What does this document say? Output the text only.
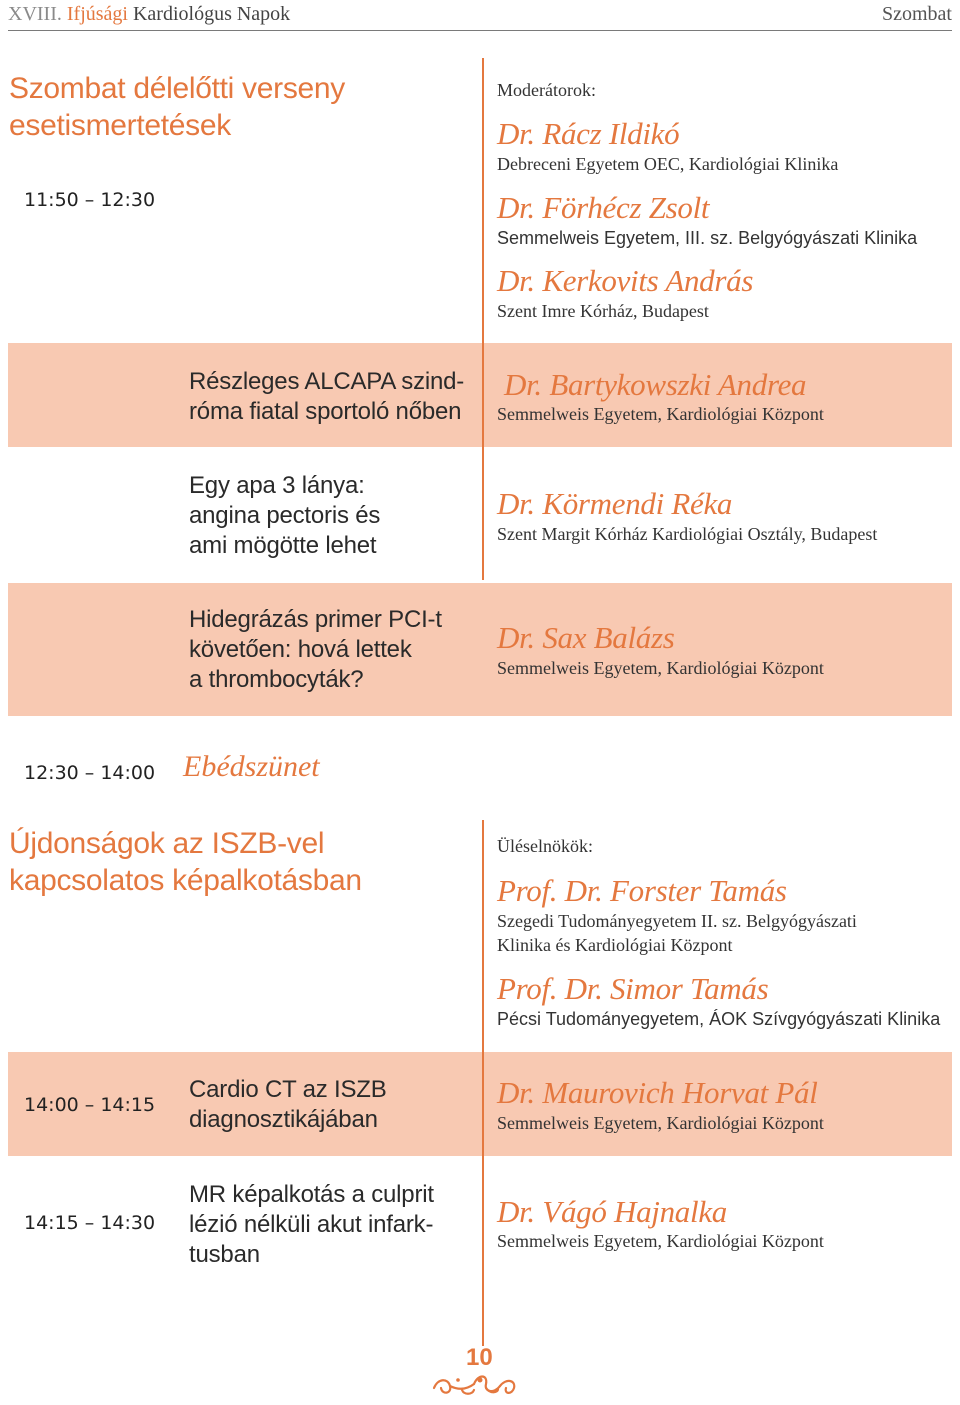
XVIII. Ifjúsági Kardiológus Napok	Szombat
Szombat délelőtti verseny
esetismertetések
11:50 – 12:30
Moderátorok:
Dr. Rácz Ildikó
Debreceni Egyetem OEC, Kardiológiai Klinika
Dr. Förhécz Zsolt
Semmelweis Egyetem, III. sz. Belgyógyászati Klinika
Dr. Kerkovits András
Szent Imre Kórház, Budapest
Részleges ALCAPA szind-
róma fiatal sportoló nőben
Dr. Bartykowszki Andrea
Semmelweis Egyetem, Kardiológiai Központ
Egy apa 3 lánya:
angina pectoris és
ami mögötte lehet
Dr. Körmendi Réka
Szent Margit Kórház Kardiológiai Osztály, Budapest
Hidegrázás primer PCI-t
követően: hová lettek
a thrombocyták?
Dr. Sax Balázs
Semmelweis Egyetem, Kardiológiai Központ
12:30 – 14:00 Ebédszünet
Újdonságok az ISZB-vel
kapcsolatos képalkotásban
Üléselnökök:
Prof. Dr. Forster Tamás
Szegedi Tudományegyetem II. sz. Belgyógyászati
Klinika és Kardiológiai Központ
Prof. Dr. Simor Tamás
Pécsi Tudományegyetem, ÁOK Szívgyógyászati Klinika
14:00 – 14:15
Cardio CT az ISZB
diagnosztikájában
Dr. Maurovich Horvat Pál
Semmelweis Egyetem, Kardiológiai Központ
14:15 – 14:30
MR képalkotás a culprit
lézió nélküli akut infark-
tusban
Dr. Vágó Hajnalka
Semmelweis Egyetem, Kardiológiai Központ
10
